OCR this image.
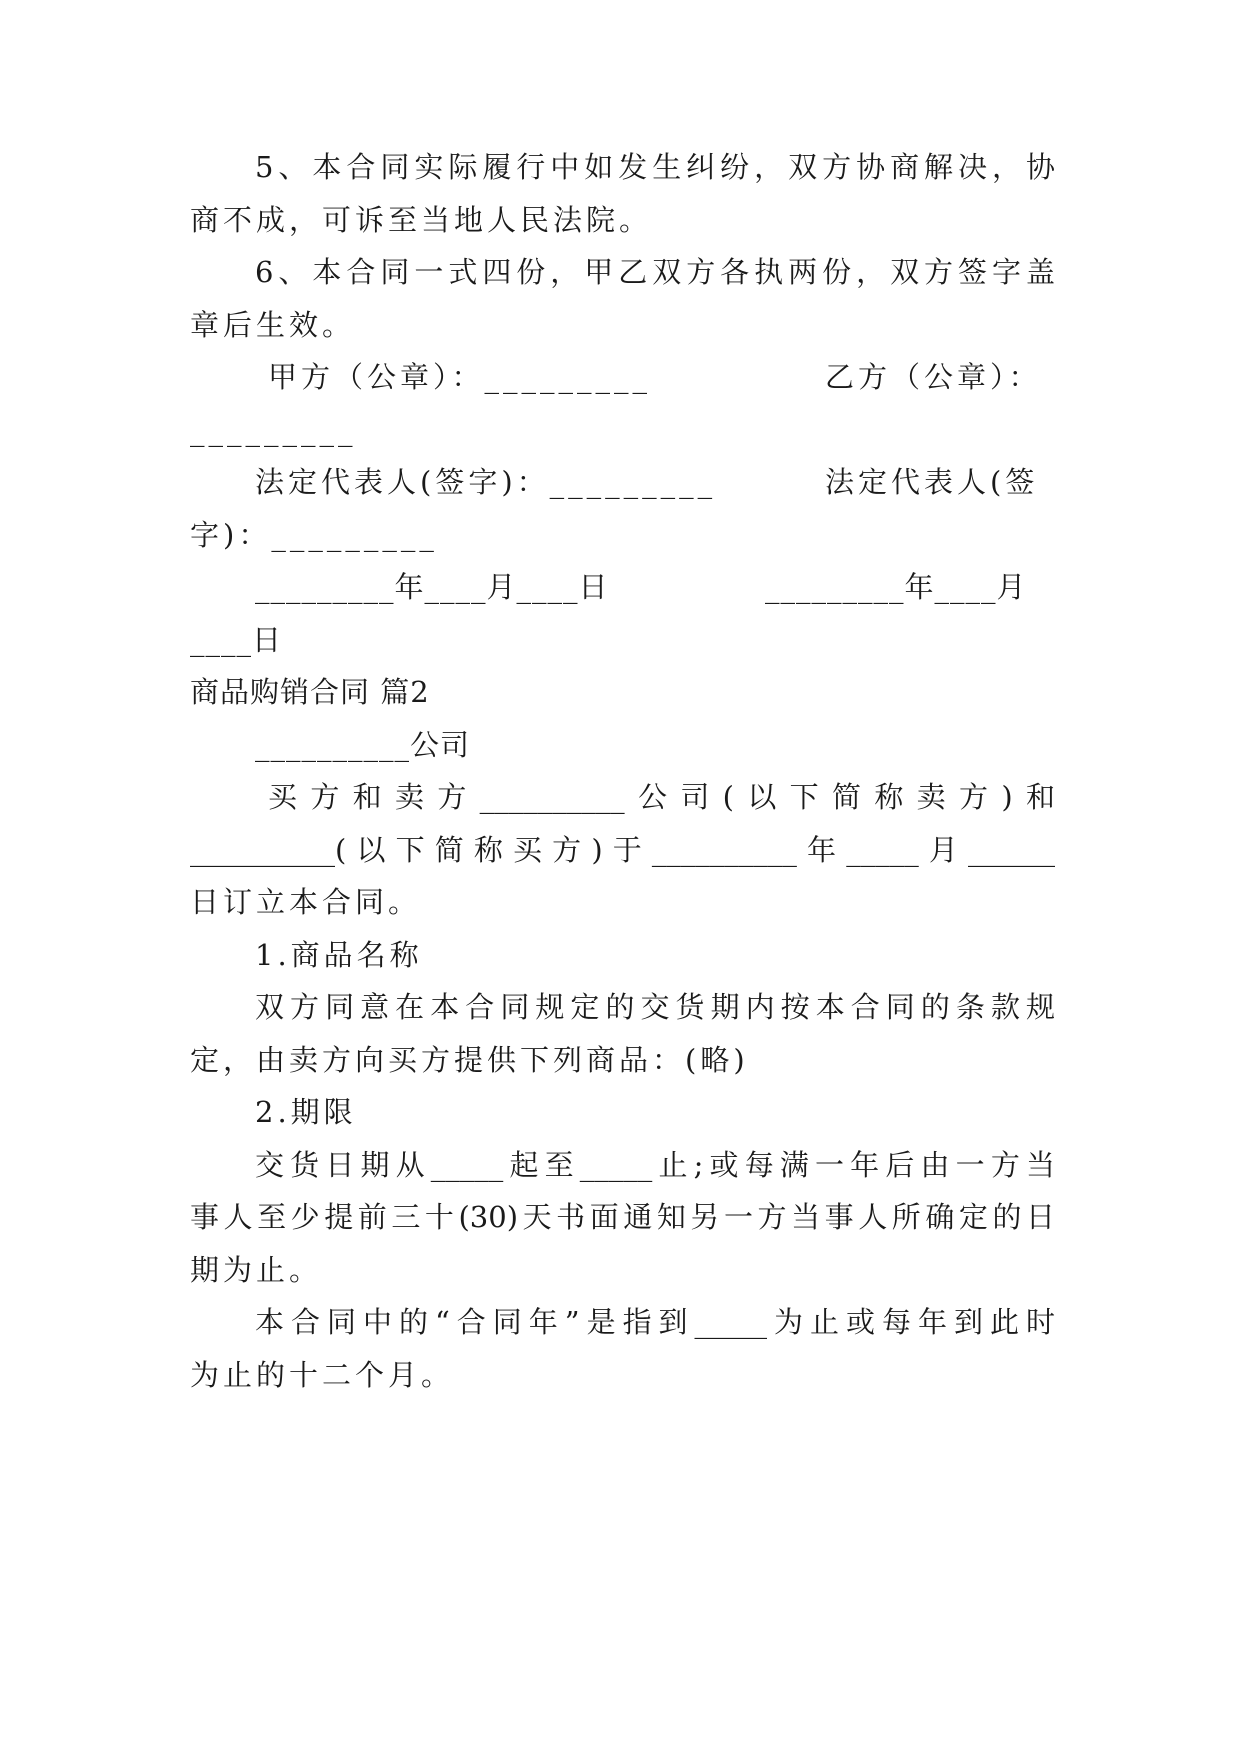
5、本合同实际履行中如发生纠纷，双方协商解决，协
商不成，可诉至当地人民法院。
6、本合同一式四份，甲乙双方各执两份，双方签字盖
章后生效。
甲方（公章）：_________	乙方（公章）：
_________
法定代表人(签字)：_________	法定代表人(签
字)：_________
_________年____月____日	_________年____月
____日
商品购销合同 篇2
__________公司
买方和卖方__________公司(以下简称卖方)和
__________(以下简称买方)于__________年_____月______
日订立本合同。
1.商品名称
双方同意在本合同规定的交货期内按本合同的条款规
定，由卖方向买方提供下列商品：(略)
2.期限
交货日期从_____起至_____止;或每满一年后由一方当
事人至少提前三十(30)天书面通知另一方当事人所确定的日
期为止。
本合同中的“合同年”是指到_____为止或每年到此时
为止的十二个月。
